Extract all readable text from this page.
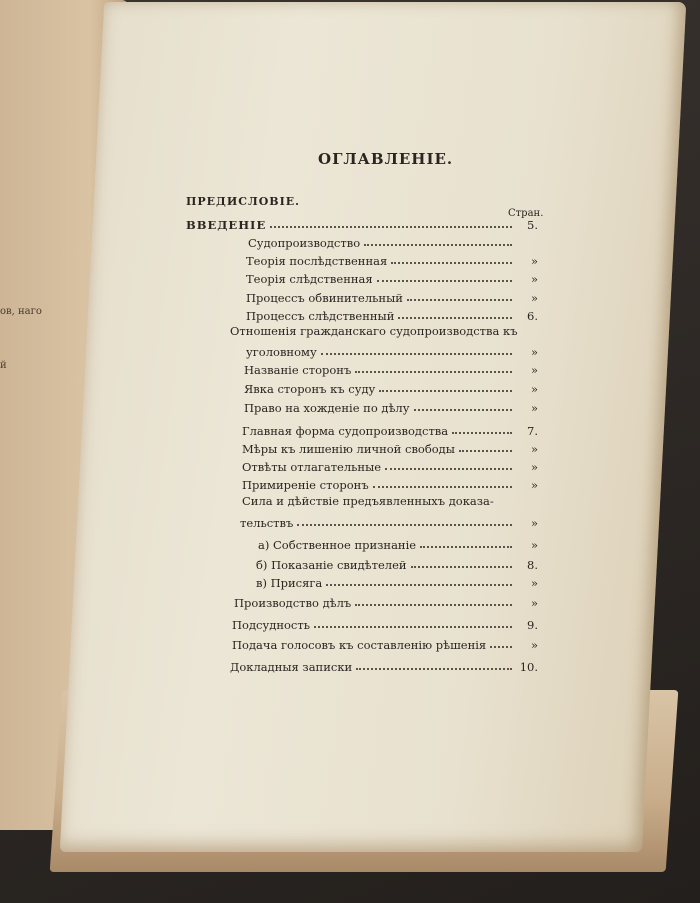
ов, наго
й
ОГЛАВЛЕНІЕ.
ПРЕДИСЛОВІЕ.
Стран.
ВВЕДЕНІЕ	5.
Судопроизводство
Теорія послѣдственная	»
Теорія слѣдственная	»
Процессъ обвинительный	»
Процессъ слѣдственный	6.
Отношенія гражданскаго судопроизводства къ
уголовному	»
Названіе сторонъ	»
Явка сторонъ къ суду	»
Право на хожденіе по дѣлу	»
Главная форма судопроизводства	7.
Мѣры къ лишенію личной свободы	»
Отвѣты отлагательные	»
Примиреніе сторонъ	»
Сила и дѣйствіе предъявленныхъ доказа-
тельствъ	»
а) Собственное признаніе	»
б) Показаніе свидѣтелей	8.
в) Присяга	»
Производство дѣлъ	»
Подсудность	9.
Подача голосовъ къ составленію рѣшенія	»
Докладныя записки	10.
